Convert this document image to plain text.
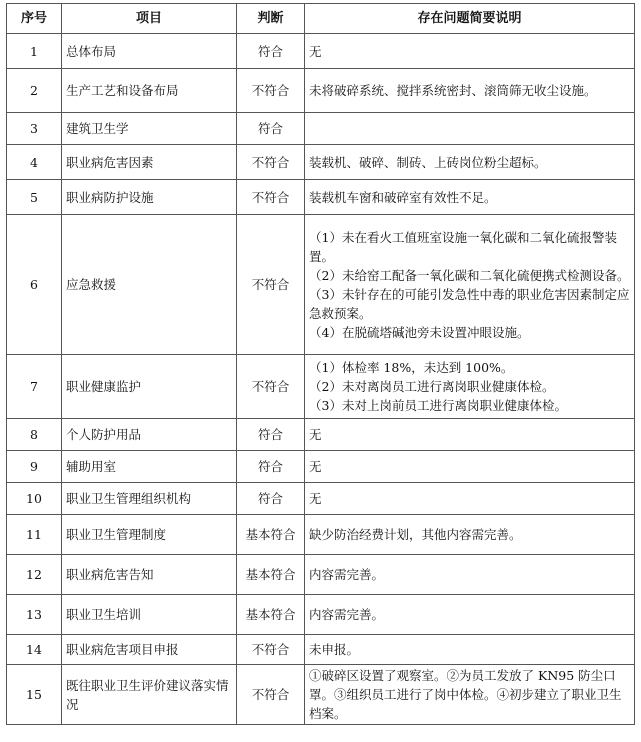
序号	项目	判断	存在问题简要说明
1	总体布局	符合	无

2	生产工艺和设备布局	不符合	未将破碎系统、搅拌系统密封、滚筒筛无收尘设施。

3	建筑卫生学	符合	

4	职业病危害因素	不符合	装载机、破碎、制砖、上砖岗位粉尘超标。

5	职业病防护设施	不符合	装载机车窗和破碎室有效性不足。

6	应急救援	不符合	（1）未在看火工值班室设施一氧化碳和二氧化硫报警装置。
（2）未给窑工配备一氧化碳和二氧化硫便携式检测设备。
（3）未针存在的可能引发急性中毒的职业危害因素制定应急救预案。
（4）在脱硫塔碱池旁未设置冲眼设施。

7	职业健康监护	不符合	（1）体检率 18%，未达到 100%。
（2）未对离岗员工进行离岗职业健康体检。
（3）未对上岗前员工进行离岗职业健康体检。

8	个人防护用品	符合	无

9	辅助用室	符合	无

10	职业卫生管理组织机构	符合	无

11	职业卫生管理制度	基本符合	缺少防治经费计划，其他内容需完善。

12	职业病危害告知	基本符合	内容需完善。

13	职业卫生培训	基本符合	内容需完善。

14	职业病危害项目申报	不符合	未申报。

15	既往职业卫生评价建议落实情况	不符合	①破碎区设置了观察室。②为员工发放了 KN95 防尘口罩。③组织员工进行了岗中体检。④初步建立了职业卫生档案。
